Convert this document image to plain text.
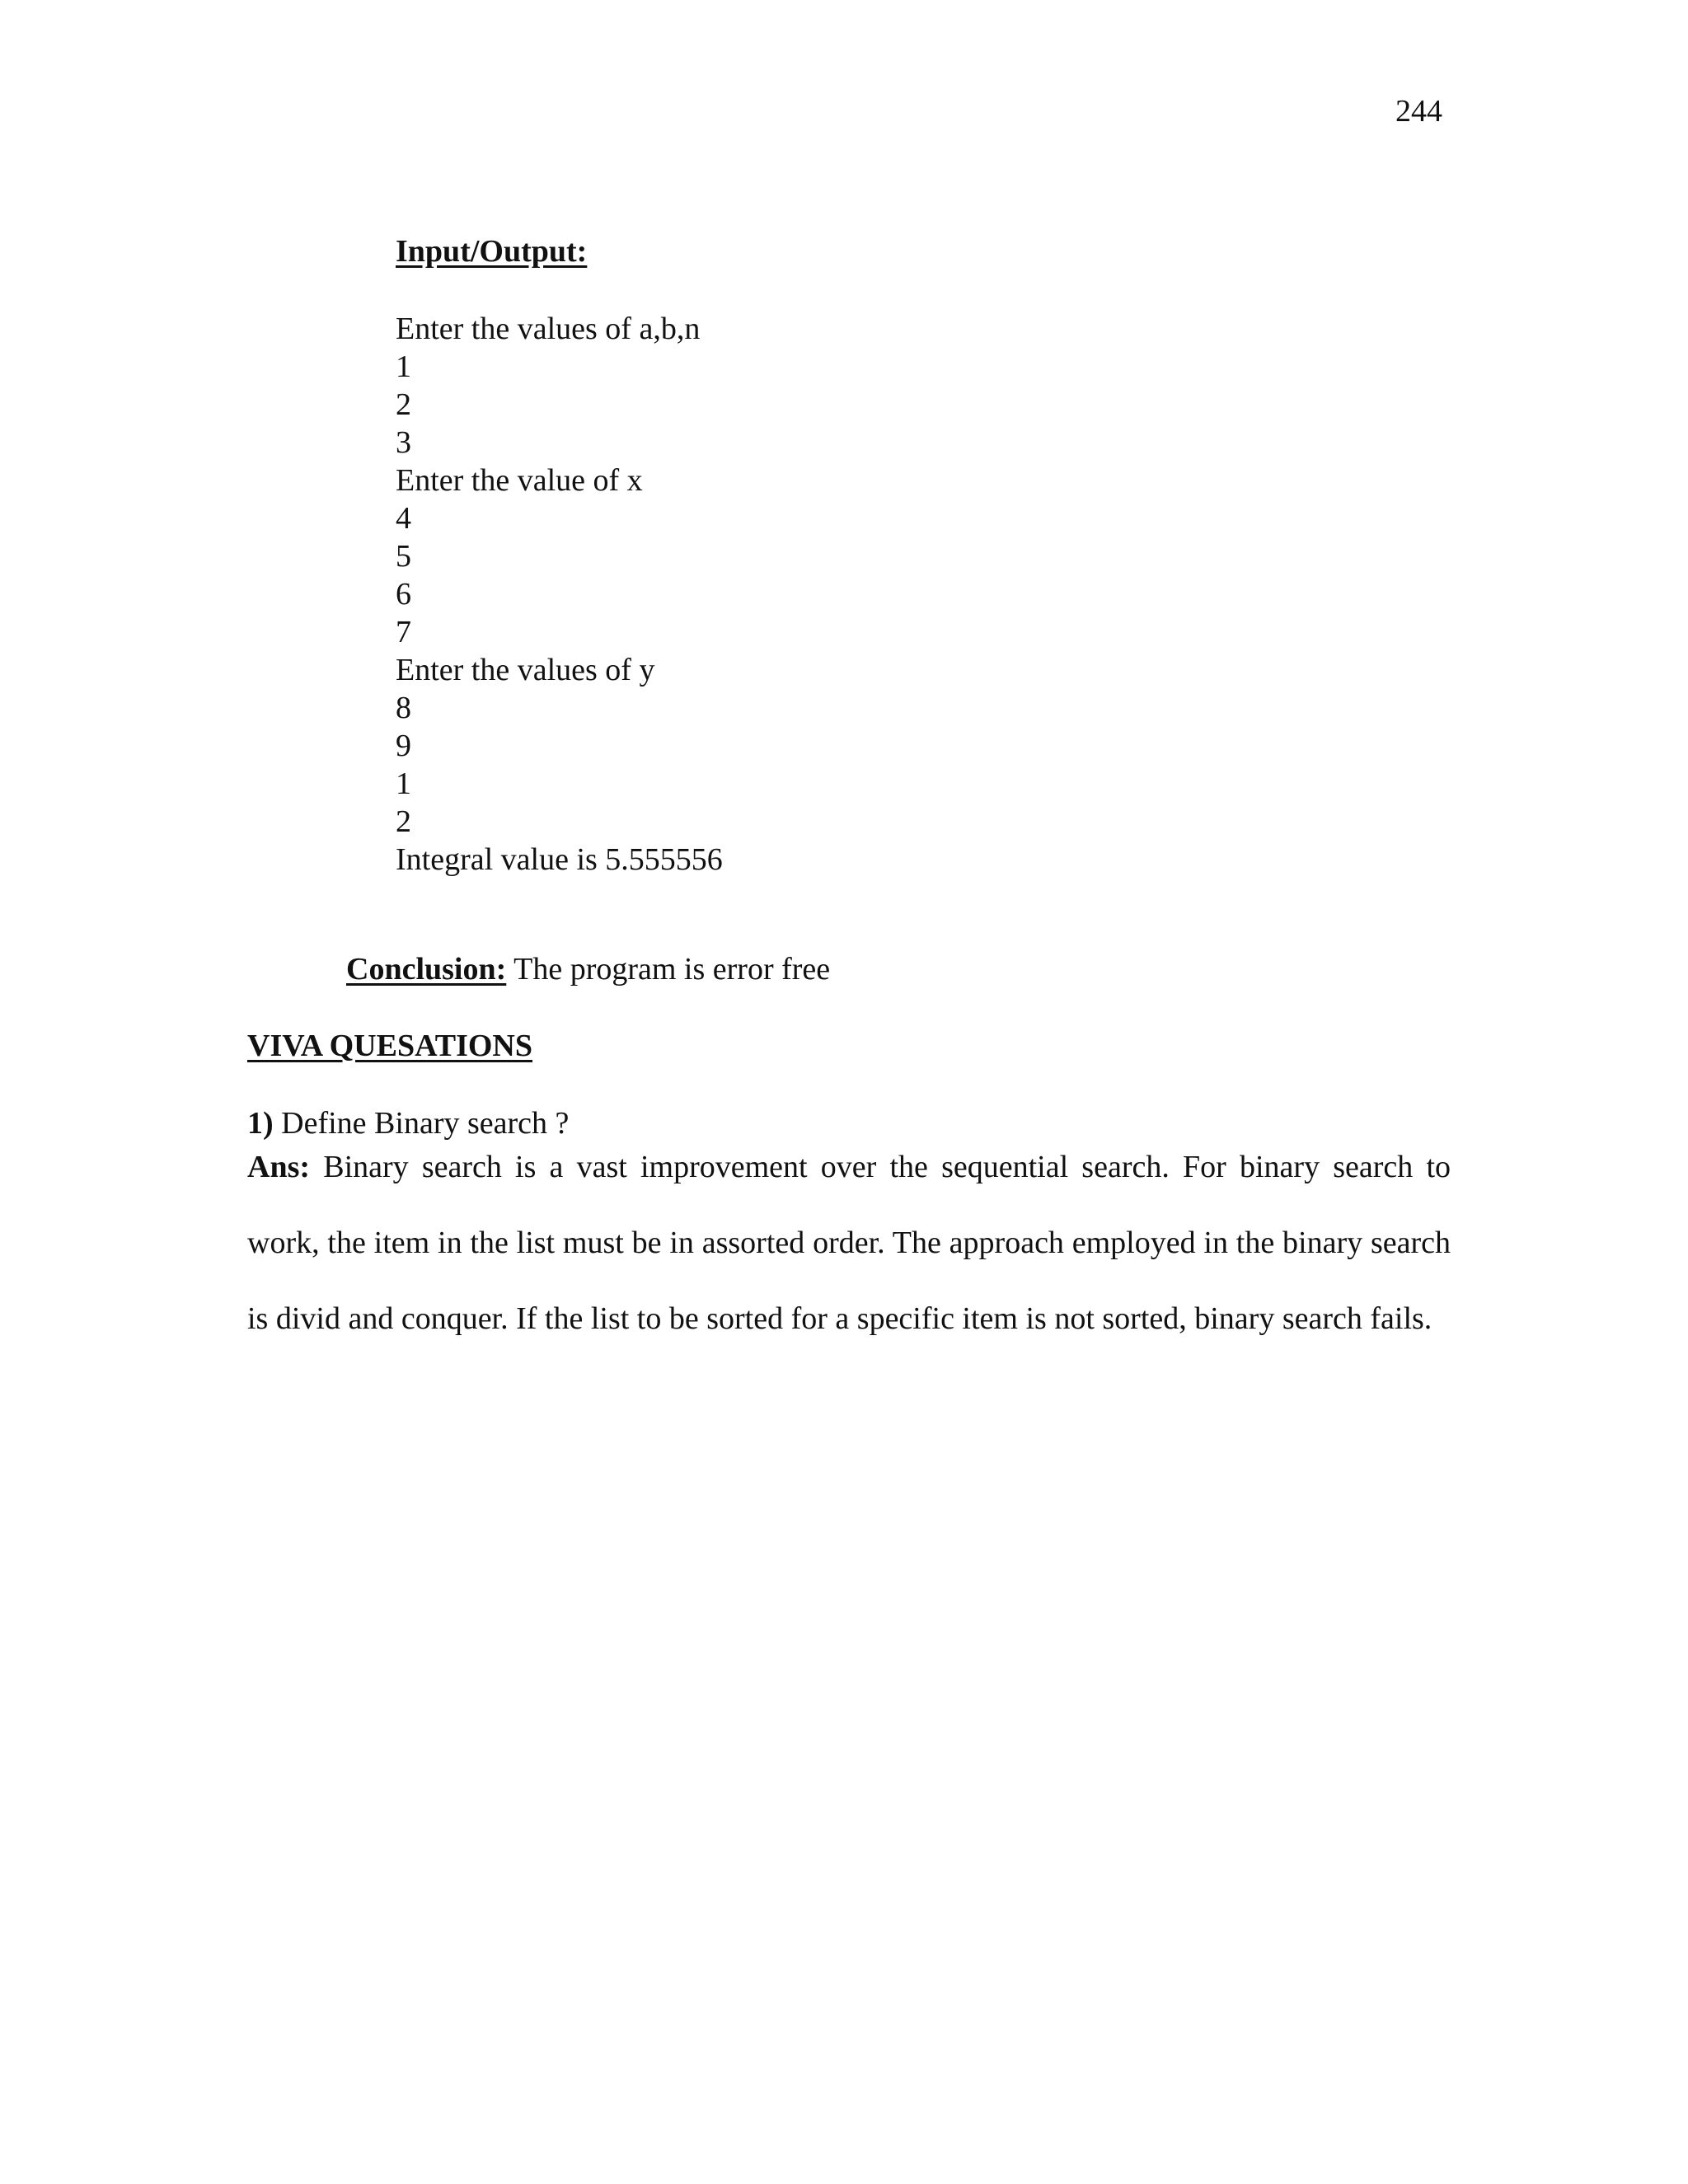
244
Input/Output:
Enter the values of a,b,n
1
2
3
Enter the value of x
4
5
6
7
Enter the values of y
8
9
1
2
Integral value is 5.555556
Conclusion: The program is error free
VIVA QUESATIONS
1) Define Binary search ?
Ans: Binary search is a vast improvement over the sequential search. For binary search to work, the item in the list must be in assorted order. The approach employed in the binary search is divid and conquer. If the list to be sorted for a specific item is not sorted, binary search fails.
